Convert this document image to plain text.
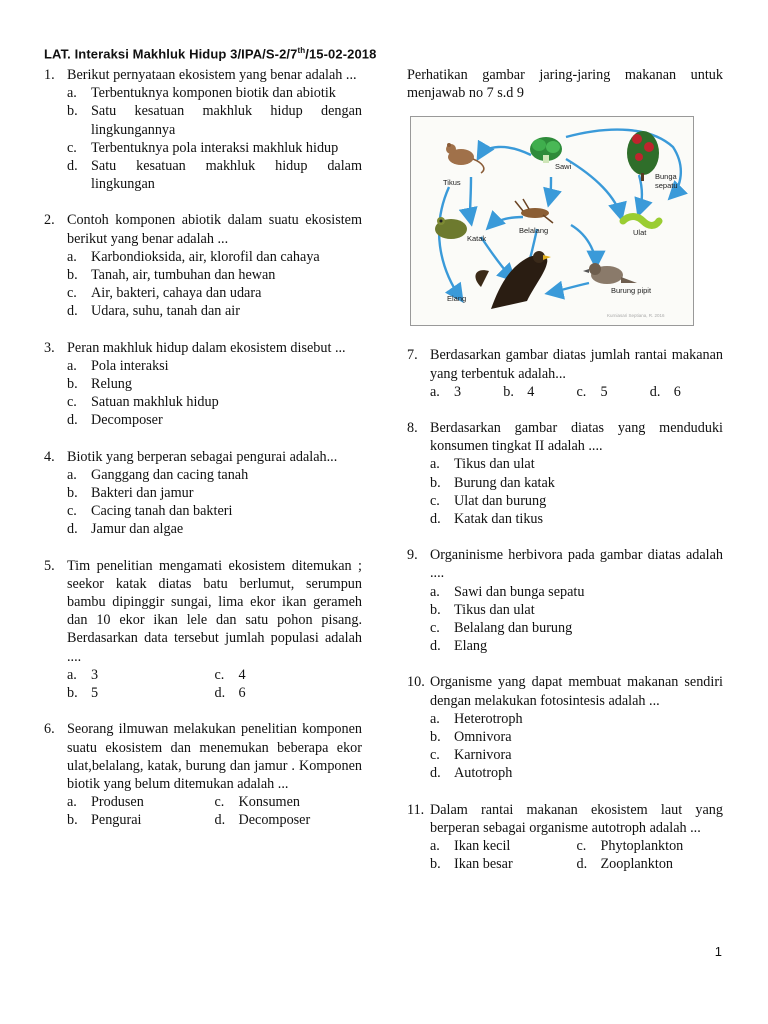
LAT. Interaksi Makhluk Hidup 3/IPA/S-2/7th/15-02-2018
1. Berikut pernyataan ekosistem yang benar adalah ...
a. Terbentuknya komponen biotik dan abiotik
b. Satu kesatuan makhluk hidup dengan lingkungannya
c. Terbentuknya pola interaksi makhluk hidup
d. Satu kesatuan makhluk hidup dalam lingkungan
2. Contoh komponen abiotik dalam suatu ekosistem berikut yang benar adalah ...
a. Karbondioksida, air, klorofil dan cahaya
b. Tanah, air, tumbuhan dan hewan
c. Air, bakteri, cahaya dan udara
d. Udara, suhu, tanah dan air
3. Peran makhluk hidup dalam ekosistem disebut ...
a. Pola interaksi
b. Relung
c. Satuan makhluk hidup
d. Decomposer
4. Biotik yang berperan sebagai pengurai adalah...
a. Ganggang dan cacing tanah
b. Bakteri dan jamur
c. Cacing tanah dan bakteri
d. Jamur dan algae
5. Tim penelitian mengamati ekosistem ditemukan ; seekor katak diatas batu berlumut, serumpun bambu dipinggir sungai, lima ekor ikan gerameh dan 10 ekor ikan lele dan satu pohon pisang. Berdasarkan data tersebut jumlah populasi adalah ....
a. 3	c. 4
b. 5	d. 6
6. Seorang ilmuwan melakukan penelitian komponen suatu ekosistem dan menemukan beberapa ekor ulat,belalang, katak, burung dan jamur . Komponen biotik yang belum ditemukan adalah ...
a. Produsen	c. Konsumen
b. Pengurai	d. Decomposer
Perhatikan gambar jaring-jaring makanan untuk menjawab no 7 s.d 9
Tikus
Sawi
Bunga
sepatu
Katak
Belalang	Ulat
Elang
Burung pipit
Kurniasari Septiana, R. 2016
7. Berdasarkan gambar diatas jumlah rantai makanan yang terbentuk adalah...
a. 3	b. 4	c. 5	d. 6
8. Berdasarkan gambar diatas yang menduduki konsumen tingkat II adalah ....
a. Tikus dan ulat
b. Burung dan katak
c. Ulat dan burung
d. Katak dan tikus
9. Organinisme herbivora pada gambar diatas adalah ....
a. Sawi dan bunga sepatu
b. Tikus dan ulat
c. Belalang dan burung
d. Elang
10. Organisme yang dapat membuat makanan sendiri dengan melakukan fotosintesis adalah ...
a. Heterotroph
b. Omnivora
c. Karnivora
d. Autotroph
11. Dalam rantai makanan ekosistem laut yang berperan sebagai organisme autotroph adalah ...
a. Ikan kecil	c. Phytoplankton
b. Ikan besar	d. Zooplankton
1
